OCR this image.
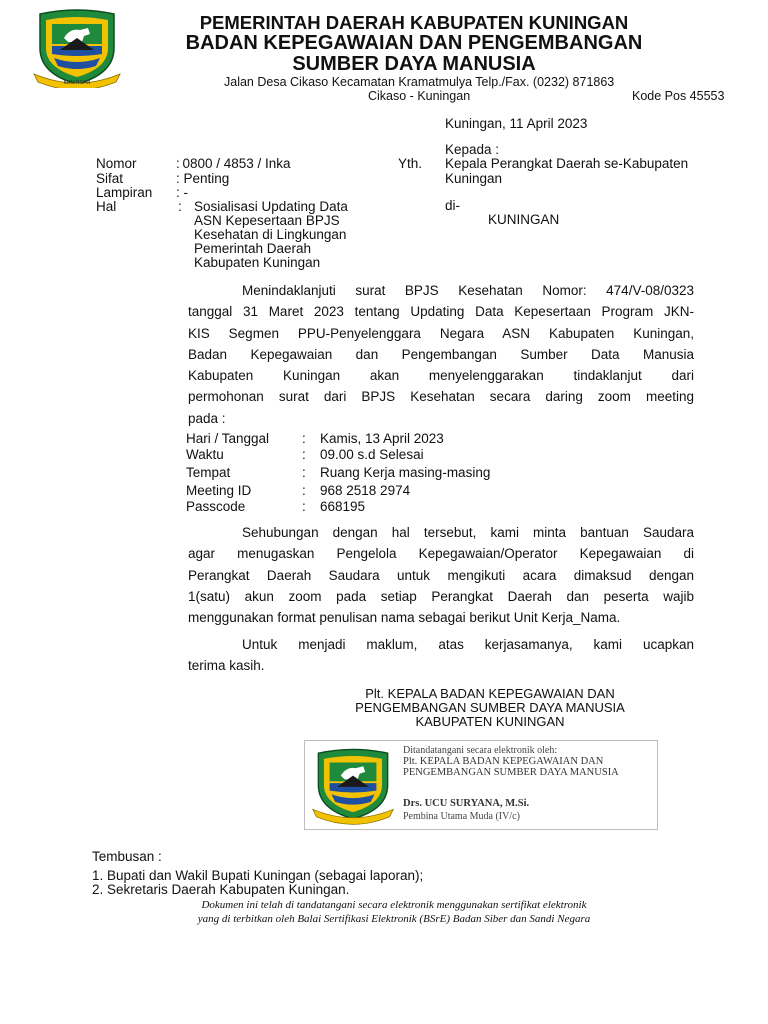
KUNINGAN
PEMERINTAH DAERAH KABUPATEN KUNINGAN
BADAN KEPEGAWAIAN DAN PENGEMBANGAN
SUMBER DAYA MANUSIA
Jalan Desa Cikaso Kecamatan Kramatmulya Telp./Fax. (0232) 871863
Cikaso - Kuningan	Kode Pos 45553
Kuningan, 11 April 2023
Kepada :
Yth. Kepala Perangkat Daerah se-Kabupaten
Kuningan
di-
KUNINGAN
Nomor	: 0800 / 4853 / Inka
Sifat	: Penting
Lampiran : -
Hal	: Sosialisasi Updating Data
ASN Kepesertaan BPJS
Kesehatan di Lingkungan
Pemerintah Daerah
Kabupaten Kuningan
Menindaklanjuti surat BPJS Kesehatan Nomor: 474/V-08/0323
tanggal 31 Maret 2023 tentang Updating Data Kepesertaan Program JKN-
KIS Segmen PPU-Penyelenggara Negara ASN Kabupaten Kuningan,
Badan Kepegawaian dan Pengembangan Sumber Data Manusia
Kabupaten Kuningan akan menyelenggarakan tindaklanjut dari
permohonan surat dari BPJS Kesehatan secara daring zoom meeting
pada :
Hari / Tanggal : Kamis, 13 April 2023
Waktu	: 09.00 s.d Selesai
Tempat	: Ruang Kerja masing-masing
Meeting ID	: 968 2518 2974
Passcode	: 668195
Sehubungan dengan hal tersebut, kami minta bantuan Saudara
agar menugaskan Pengelola Kepegawaian/Operator Kepegawaian di
Perangkat Daerah Saudara untuk mengikuti acara dimaksud dengan
1(satu) akun zoom pada setiap Perangkat Daerah dan peserta wajib
menggunakan format penulisan nama sebagai berikut Unit Kerja_Nama.
Untuk menjadi maklum, atas kerjasamanya, kami ucapkan
terima kasih.
Plt. KEPALA BADAN KEPEGAWAIAN DAN
PENGEMBANGAN SUMBER DAYA MANUSIA
KABUPATEN KUNINGAN
Ditandatangani secara elektronik oleh:
Plt. KEPALA BADAN KEPEGAWAIAN DAN
PENGEMBANGAN SUMBER DAYA MANUSIA
Drs. UCU SURYANA, M.Si.
Pembina Utama Muda (IV/c)
Tembusan :
1. Bupati dan Wakil Bupati Kuningan (sebagai laporan);
2. Sekretaris Daerah Kabupaten Kuningan.
Dokumen ini telah di tandatangani secara elektronik menggunakan sertifikat elektronik
yang di terbitkan oleh Balai Sertifikasi Elektronik (BSrE) Badan Siber dan Sandi Negara
